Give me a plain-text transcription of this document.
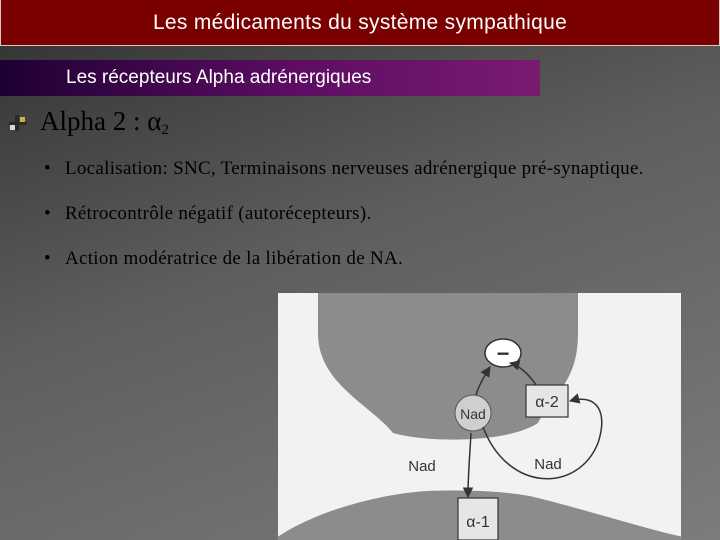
Les médicaments du système sympathique
Les récepteurs Alpha adrénergiques
Alpha 2 : $\alpha_2$

• Localisation: SNC, Terminaisons nerveuses adrénergique pré-synaptique.

• Rétrocontrôle négatif (autorécepteurs).

• Action modératrice de la libération de NA.

−
Nad
α-2
Nad	Nad
α-1
